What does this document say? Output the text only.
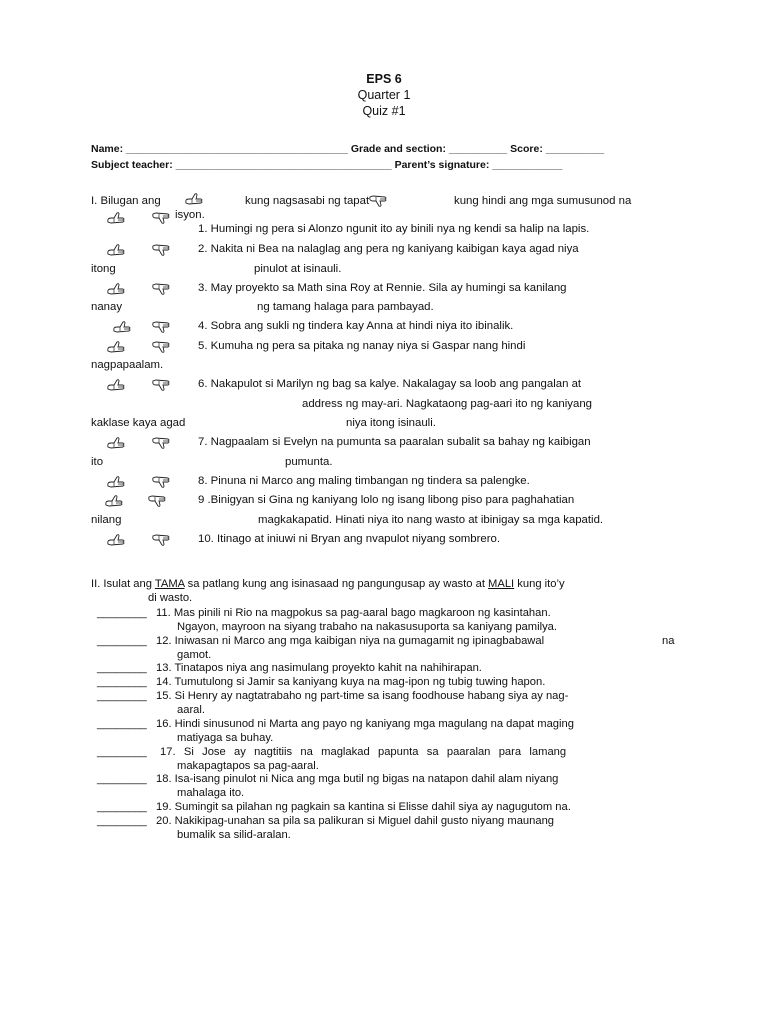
EPS 6
Quarter 1
Quiz #1
Name: ______________________________________ Grade and section: __________ Score: __________
Subject teacher: _____________________________________ Parent’s signature: ____________
I. Bilugan ang	kung nagsasabi ng tapat	kung hindi ang mga sumusunod na
isyon.
1. Humingi ng pera si Alonzo ngunit ito ay binili nya ng kendi sa halip na lapis.
2. Nakita ni Bea na nalaglag ang pera ng kaniyang kaibigan kaya agad niya
itong	pinulot at isinauli.
3. May proyekto sa Math sina Roy at Rennie. Sila ay humingi sa kanilang
nanay	ng tamang halaga para pambayad.
4. Sobra ang sukli ng tindera kay Anna at hindi niya ito ibinalik.
5. Kumuha ng pera sa pitaka ng nanay niya si Gaspar nang hindi
nagpapaalam.
6. Nakapulot si Marilyn ng bag sa kalye. Nakalagay sa loob ang pangalan at
address ng may-ari. Nagkataong pag-aari ito ng kaniyang
kaklase kaya agad	niya itong isinauli.
7. Nagpaalam si Evelyn na pumunta sa paaralan subalit sa bahay ng kaibigan
ito	pumunta.
8. Pinuna ni Marco ang maling timbangan ng tindera sa palengke.
9 .Binigyan si Gina ng kaniyang lolo ng isang libong piso para paghahatian
nilang	magkakapatid. Hinati niya ito nang wasto at ibinigay sa mga kapatid.
10. Itinago at iniuwi ni Bryan ang nvapulot niyang sombrero.
II. Isulat ang TAMA sa patlang kung ang isinasaad ng pangungusap ay wasto at MALI kung ito’y
di wasto.
________ 11. Mas pinili ni Rio na magpokus sa pag-aaral bago magkaroon ng kasintahan.
Ngayon, mayroon na siyang trabaho na nakasusuporta sa kaniyang pamilya.
________ 12. Iniwasan ni Marco ang mga kaibigan niya na gumagamit ng ipinagbabawal	na
gamot.
________ 13. Tinatapos niya ang nasimulang proyekto kahit na nahihirapan.
________ 14. Tumutulong si Jamir sa kaniyang kuya na mag-ipon ng tubig tuwing hapon.
________ 15. Si Henry ay nagtatrabaho ng part-time sa isang foodhouse habang siya ay nag-
aaral.
________ 16. Hindi sinusunod ni Marta ang payo ng kaniyang mga magulang na dapat maging
matiyaga sa buhay.
________ 17. Si Jose ay nagtitiis na maglakad papunta sa paaralan para lamang
makapagtapos sa pag-aaral.
________ 18. Isa-isang pinulot ni Nica ang mga butil ng bigas na natapon dahil alam niyang
mahalaga ito.
________ 19. Sumingit sa pilahan ng pagkain sa kantina si Elisse dahil siya ay nagugutom na.
________ 20. Nakikipag-unahan sa pila sa palikuran si Miguel dahil gusto niyang maunang
bumalik sa silid-aralan.
